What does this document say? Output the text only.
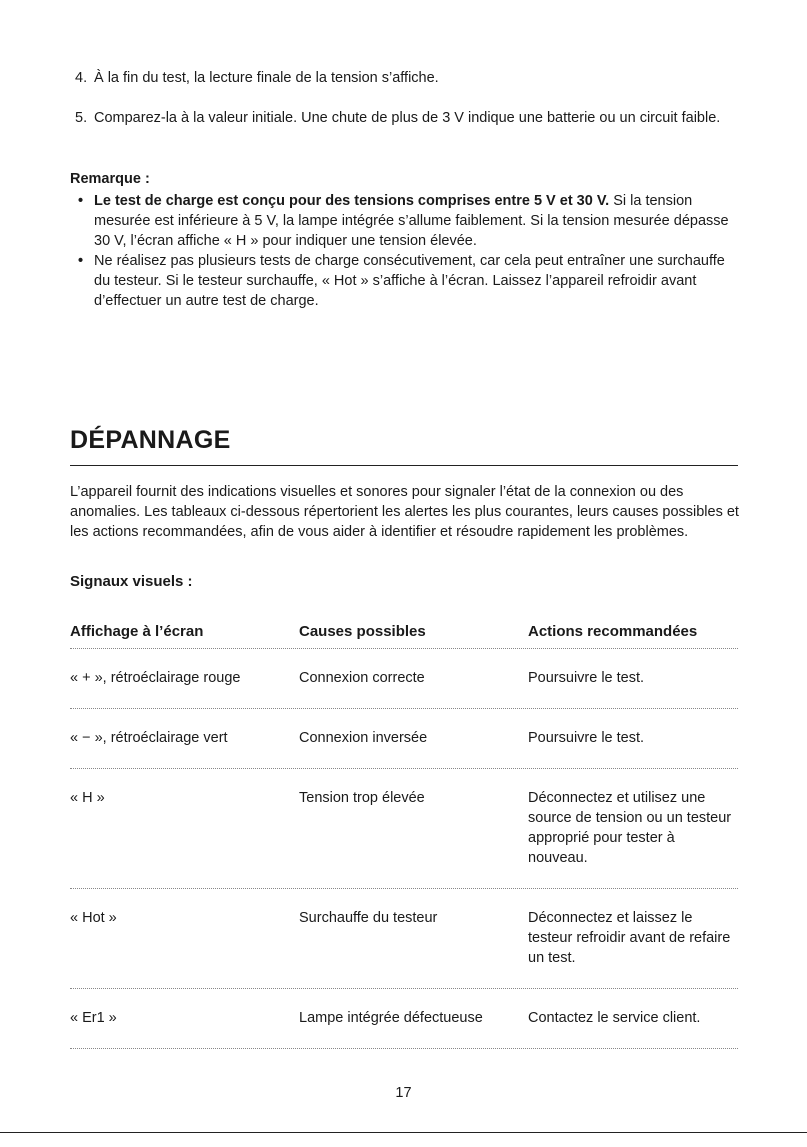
4. À la fin du test, la lecture finale de la tension s’affiche.
5. Comparez-la à la valeur initiale. Une chute de plus de 3 V indique une batterie ou un circuit faible.
Remarque :
• Le test de charge est conçu pour des tensions comprises entre 5 V et 30 V. Si la tension mesurée est inférieure à 5 V, la lampe intégrée s’allume faiblement. Si la tension mesurée dépasse 30 V, l’écran affiche « H » pour indiquer une tension élevée.
• Ne réalisez pas plusieurs tests de charge consécutivement, car cela peut entraîner une surchauffe du testeur. Si le testeur surchauffe, « Hot » s’affiche à l’écran. Laissez l’appareil refroidir avant d’effectuer un autre test de charge.
DÉPANNAGE
L’appareil fournit des indications visuelles et sonores pour signaler l’état de la connexion ou des anomalies. Les tableaux ci-dessous répertorient les alertes les plus courantes, leurs causes possibles et les actions recommandées, afin de vous aider à identifier et résoudre rapidement les problèmes.
Signaux visuels :
Affichage à l’écran	Causes possibles	Actions recommandées
« + », rétroéclairage rouge	Connexion correcte	Poursuivre le test.
« − », rétroéclairage vert	Connexion inversée	Poursuivre le test.
« H »	Tension trop élevée	Déconnectez et utilisez une source de tension ou un testeur approprié pour tester à nouveau.
« Hot »	Surchauffe du testeur	Déconnectez et laissez le testeur refroidir avant de refaire un test.
« Er1 »	Lampe intégrée défectueuse	Contactez le service client.
17
